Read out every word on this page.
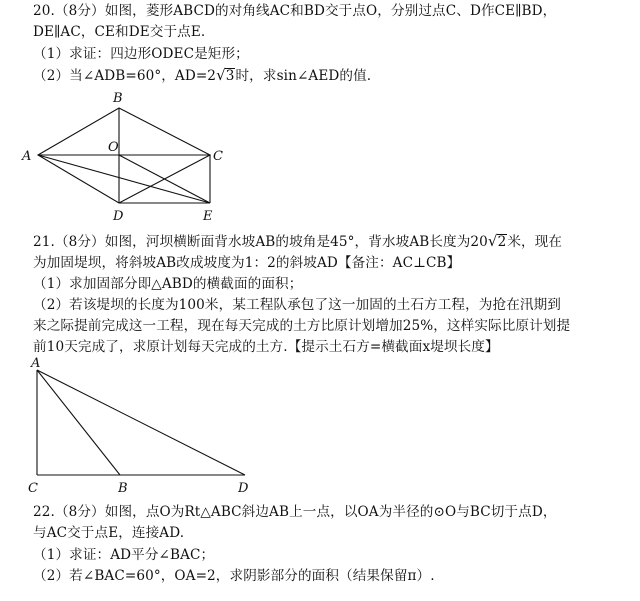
20.（8分）如图，菱形ABCD的对角线AC和BD交于点O，分别过点C、D作CE∥BD，
DE∥AC，CE和DE交于点E.
（1）求证：四边形ODEC是矩形；
（2）当∠ADB=60°，AD=2√3时，求sin∠AED的值.
A
B
C
D	E
O
A
C	B	D
21.（8分）如图，河坝横断面背水坡AB的坡角是45°，背水坡AB长度为20√2米，现在
为加固堤坝，将斜坡AB改成坡度为1：2的斜坡AD【备注：AC⊥CB】
（1）求加固部分即△ABD的横截面的面积；
（2）若该堤坝的长度为100米，某工程队承包了这一加固的土石方工程，为抢在汛期到
来之际提前完成这一工程，现在每天完成的土方比原计划增加25%，这样实际比原计划提
前10天完成了，求原计划每天完成的土方.【提示土石方=横截面x堤坝长度】
22.（8分）如图，点O为Rt△ABC斜边AB上一点，以OA为半径的⊙O与BC切于点D，
与AC交于点E，连接AD.
（1）求证：AD平分∠BAC；
（2）若∠BAC=60°，OA=2，求阴影部分的面积（结果保留π）.
